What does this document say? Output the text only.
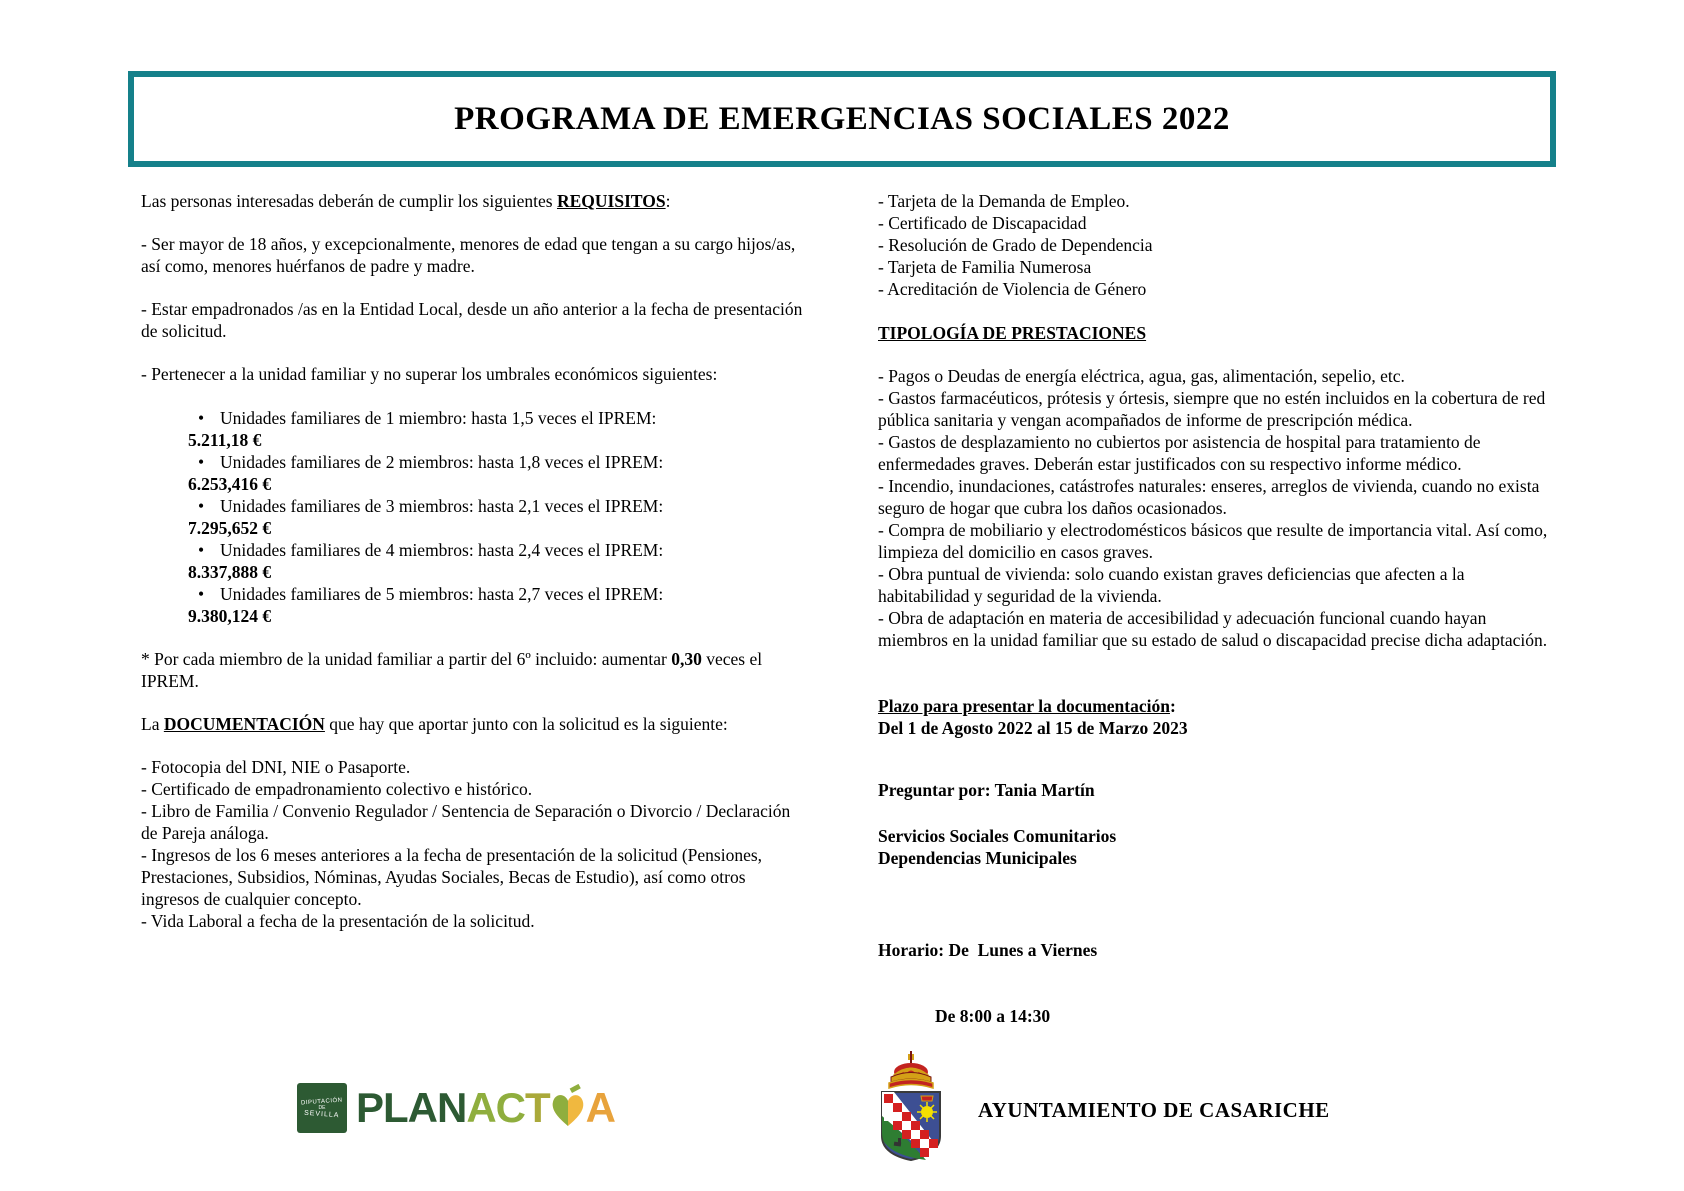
PROGRAMA DE EMERGENCIAS SOCIALES 2022

Las personas interesadas deberán de cumplir los siguientes REQUISITOS:

- Ser mayor de 18 años, y excepcionalmente, menores de edad que tengan a su cargo hijos/as, así como, menores huérfanos de padre y madre.

- Estar empadronados /as en la Entidad Local, desde un año anterior a la fecha de presentación de solicitud.

- Pertenecer a la unidad familiar y no superar los umbrales económicos siguientes:

• Unidades familiares de 1 miembro: hasta 1,5 veces el IPREM:
5.211,18 €
• Unidades familiares de 2 miembros: hasta 1,8 veces el IPREM:
6.253,416 €
• Unidades familiares de 3 miembros: hasta 2,1 veces el IPREM:
7.295,652 €
• Unidades familiares de 4 miembros: hasta 2,4 veces el IPREM:
8.337,888 €
• Unidades familiares de 5 miembros: hasta 2,7 veces el IPREM:
9.380,124 €

* Por cada miembro de la unidad familiar a partir del 6º incluido: aumentar 0,30 veces el IPREM.

La DOCUMENTACIÓN que hay que aportar junto con la solicitud es la siguiente:

- Fotocopia del DNI, NIE o Pasaporte.
- Certificado de empadronamiento colectivo e histórico.
- Libro de Familia / Convenio Regulador / Sentencia de Separación o Divorcio / Declaración de Pareja análoga.
- Ingresos de los 6 meses anteriores a la fecha de presentación de la solicitud (Pensiones, Prestaciones, Subsidios, Nóminas, Ayudas Sociales, Becas de Estudio), así como otros ingresos de cualquier concepto.
- Vida Laboral a fecha de la presentación de la solicitud.
- Tarjeta de la Demanda de Empleo.
- Certificado de Discapacidad
- Resolución de Grado de Dependencia
- Tarjeta de Familia Numerosa
- Acreditación de Violencia de Género
TIPOLOGÍA DE PRESTACIONES
- Pagos o Deudas de energía eléctrica, agua, gas, alimentación, sepelio, etc.
- Gastos farmacéuticos, prótesis y órtesis, siempre que no estén incluidos en la cobertura de red pública sanitaria y vengan acompañados de informe de prescripción médica.
- Gastos de desplazamiento no cubiertos por asistencia de hospital para tratamiento de enfermedades graves. Deberán estar justificados con su respectivo informe médico.
- Incendio, inundaciones, catástrofes naturales: enseres, arreglos de vivienda, cuando no exista seguro de hogar que cubra los daños ocasionados.
- Compra de mobiliario y electrodomésticos básicos que resulte de importancia vital. Así como, limpieza del domicilio en casos graves.
- Obra puntual de vivienda: solo cuando existan graves deficiencias que afecten a la habitabilidad y seguridad de la vivienda.
- Obra de adaptación en materia de accesibilidad y adecuación funcional cuando hayan miembros en la unidad familiar que su estado de salud o discapacidad precise dicha adaptación.
Plazo para presentar la documentación:
Del 1 de Agosto 2022 al 15 de Marzo 2023
Preguntar por: Tania Martín
Servicios Sociales Comunitarios
Dependencias Municipales

Horario: De  Lunes a Viernes

De 8:00 a 14:30

DIPUTACIÓN
DE
SEVILLA PLAN AC T A	AYUNTAMIENTO DE CASARICHE
